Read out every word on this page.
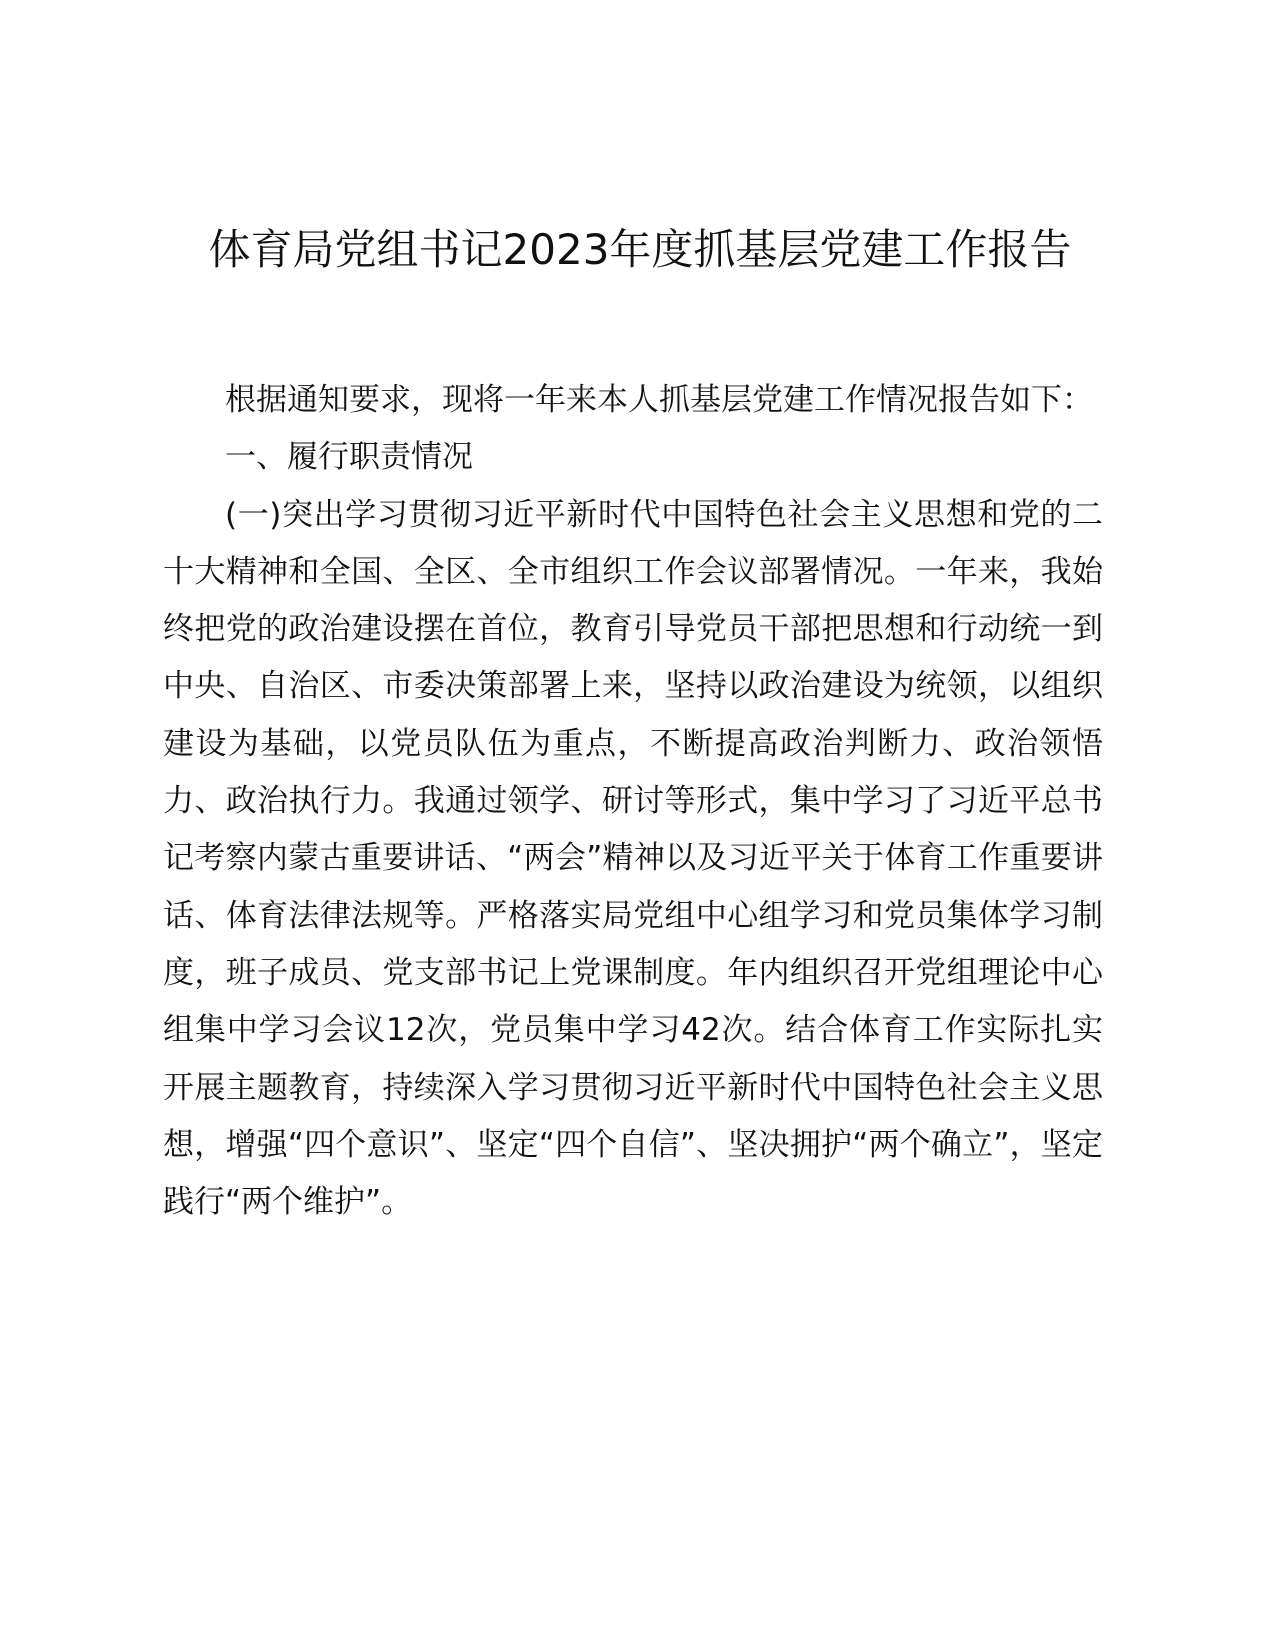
体育局党组书记2023年度抓基层党建工作报告

根据通知要求，现将一年来本人抓基层党建工作情况报告如下：

一、履行职责情况

(一)突出学习贯彻习近平新时代中国特色社会主义思想和党的二十大精神和全国、全区、全市组织工作会议部署情况。一年来，我始终把党的政治建设摆在首位，教育引导党员干部把思想和行动统一到中央、自治区、市委决策部署上来，坚持以政治建设为统领，以组织建设为基础，以党员队伍为重点，不断提高政治判断力、政治领悟力、政治执行力。我通过领学、研讨等形式，集中学习了习近平总书记考察内蒙古重要讲话、“两会”精神以及习近平关于体育工作重要讲话、体育法律法规等。严格落实局党组中心组学习和党员集体学习制度，班子成员、党支部书记上党课制度。年内组织召开党组理论中心组集中学习会议12次，党员集中学习42次。结合体育工作实际扎实开展主题教育，持续深入学习贯彻习近平新时代中国特色社会主义思想，增强“四个意识”、坚定“四个自信”、坚决拥护“两个确立”，坚定践行“两个维护”。
